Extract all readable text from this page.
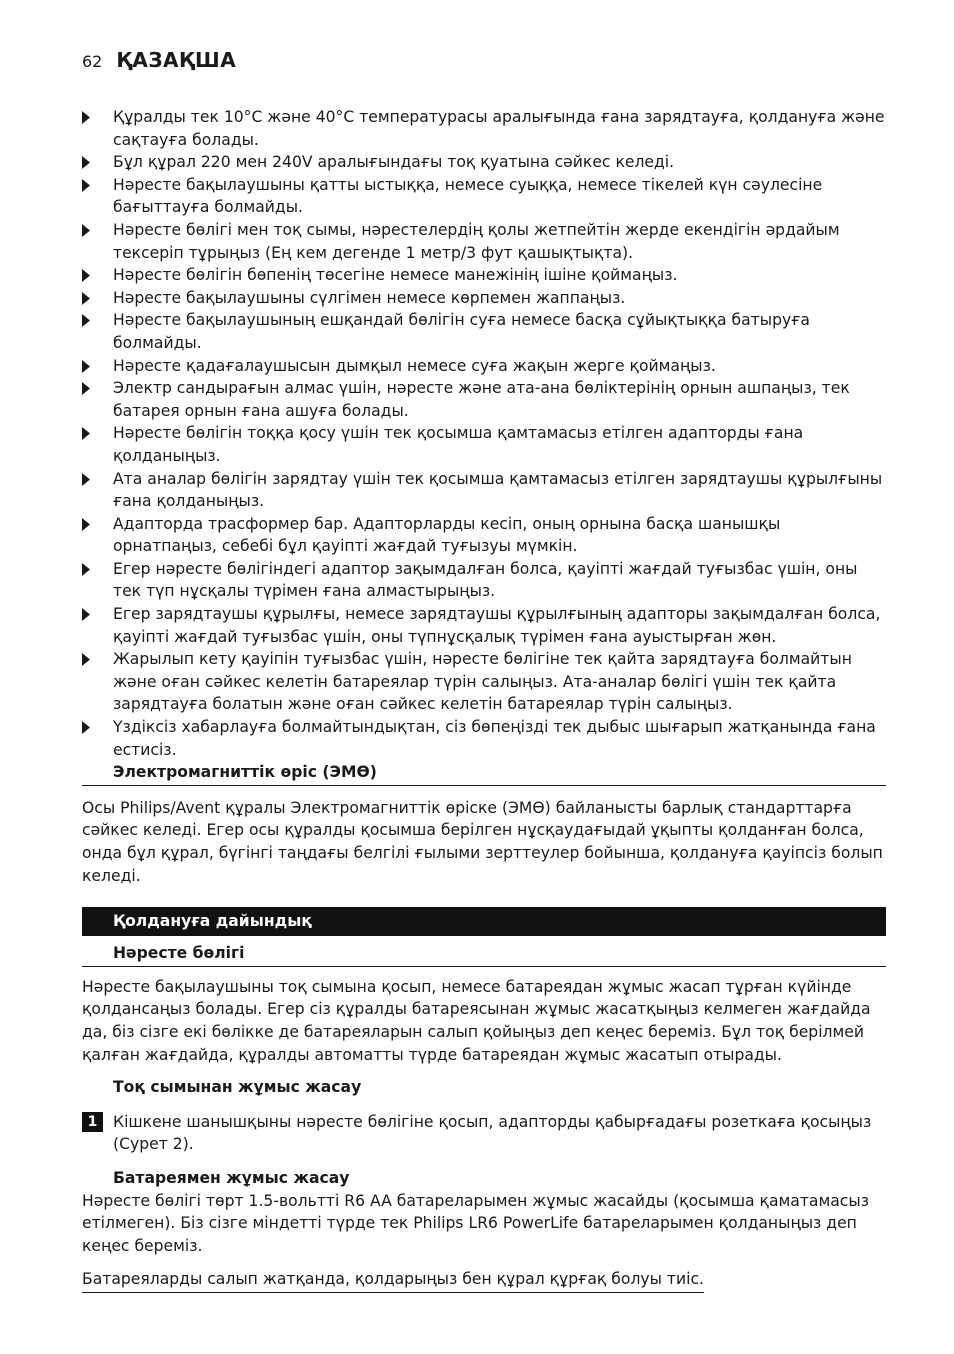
62 ҚАЗАҚША
Құралды тек 10°C және 40°C температурасы аралығында ғана зарядтауға, қолдануға және сақтауға болады.
Бұл құрал 220 мен 240V аралығындағы тоқ қуатына сәйкес келеді.
Нәресте бақылаушыны қатты ыстыққа, немесе суыққа, немесе тікелей күн сәулесіне бағыттауға болмайды.
Нәресте бөлігі мен тоқ сымы, нәрестелердің қолы жетпейтін жерде екендігін әрдайым тексеріп тұрыңыз (Ең кем дегенде 1 метр/3 фут қашықтықта).
Нәресте бөлігін бөпенің төсегіне немесе манежінің ішіне қоймаңыз.
Нәресте бақылаушыны сүлгімен немесе көрпемен жаппаңыз.
Нәресте бақылаушының ешқандай бөлігін суға немесе басқа сұйықтыққа батыруға болмайды.
Нәресте қадағалаушысын дымқыл немесе суға жақын жерге қоймаңыз.
Электр сандырағын алмас үшін, нәресте және ата-ана бөліктерінің орнын ашпаңыз, тек батарея орнын ғана ашуға болады.
Нәресте бөлігін тоққа қосу үшін тек қосымша қамтамасыз етілген адапторды ғана қолданыңыз.
Ата аналар бөлігін зарядтау үшін тек қосымша қамтамасыз етілген зарядтаушы құрылғыны ғана қолданыңыз.
Адапторда трасформер бар. Адапторларды кесіп, оның орнына басқа шанышқы орнатпаңыз, себебі бұл қауіпті жағдай туғызуы мүмкін.
Егер нәресте бөлігіндегі адаптор зақымдалған болса, қауіпті жағдай туғызбас үшін, оны тек түп нұсқалы түрімен ғана алмастырыңыз.
Егер зарядтаушы құрылғы, немесе зарядтаушы құрылғының адапторы зақымдалған болса, қауіпті жағдай туғызбас үшін, оны түпнұсқалық түрімен ғана ауыстырған жөн.
Жарылып кету қауіпін туғызбас үшін, нәресте бөлігіне тек қайта зарядтауға болмайтын және оған сәйкес келетін батареялар түрін салыңыз. Ата-аналар бөлігі үшін тек қайта зарядтауға болатын және оған сәйкес келетін батареялар түрін салыңыз.
Үздіксіз хабарлауға болмайтындықтан, сіз бөпеңізді тек дыбыс шығарып жатқанында ғана естисіз.
Электромагниттік өріс (ЭМӨ)

Осы Philips/Avent құралы Электромагниттік өріске (ЭМӨ) байланысты барлық стандарттарға сәйкес келеді. Егер осы құралды қосымша берілген нұсқаудағыдай ұқыпты қолданған болса, онда бұл құрал, бүгінгі таңдағы белгілі ғылыми зерттеулер бойынша, қолдануға қауіпсіз болып келеді.

Қолдануға дайындық
Нәресте бөлігі

Нәресте бақылаушыны тоқ сымына қосып, немесе батареядан жұмыс жасап тұрған күйінде қолдансаңыз болады. Егер сіз құралды батареясынан жұмыс жасатқыңыз келмеген жағдайда да, біз сізге екі бөлікке де батареяларын салып қойыңыз деп кеңес береміз. Бұл тоқ берілмей қалған жағдайда, құралды автоматты түрде батареядан жұмыс жасатып отырады.

Тоқ сымынан жұмыс жасау
1	Кішкене шанышқыны нәресте бөлігіне қосып, адапторды қабырғадағы розеткаға қосыңыз (Сурет 2).
Батареямен жұмыс жасау

Нәресте бөлігі төрт 1.5-вольтті R6 AA батареларымен жұмыс жасайды (қосымша қаматамасыз етілмеген). Біз сізге міндетті түрде тек Philips LR6 PowerLife батареларымен қолданыңыз деп кеңес береміз.

Батареяларды салып жатқанда, қолдарыңыз бен құрал құрғақ болуы тиіс.
